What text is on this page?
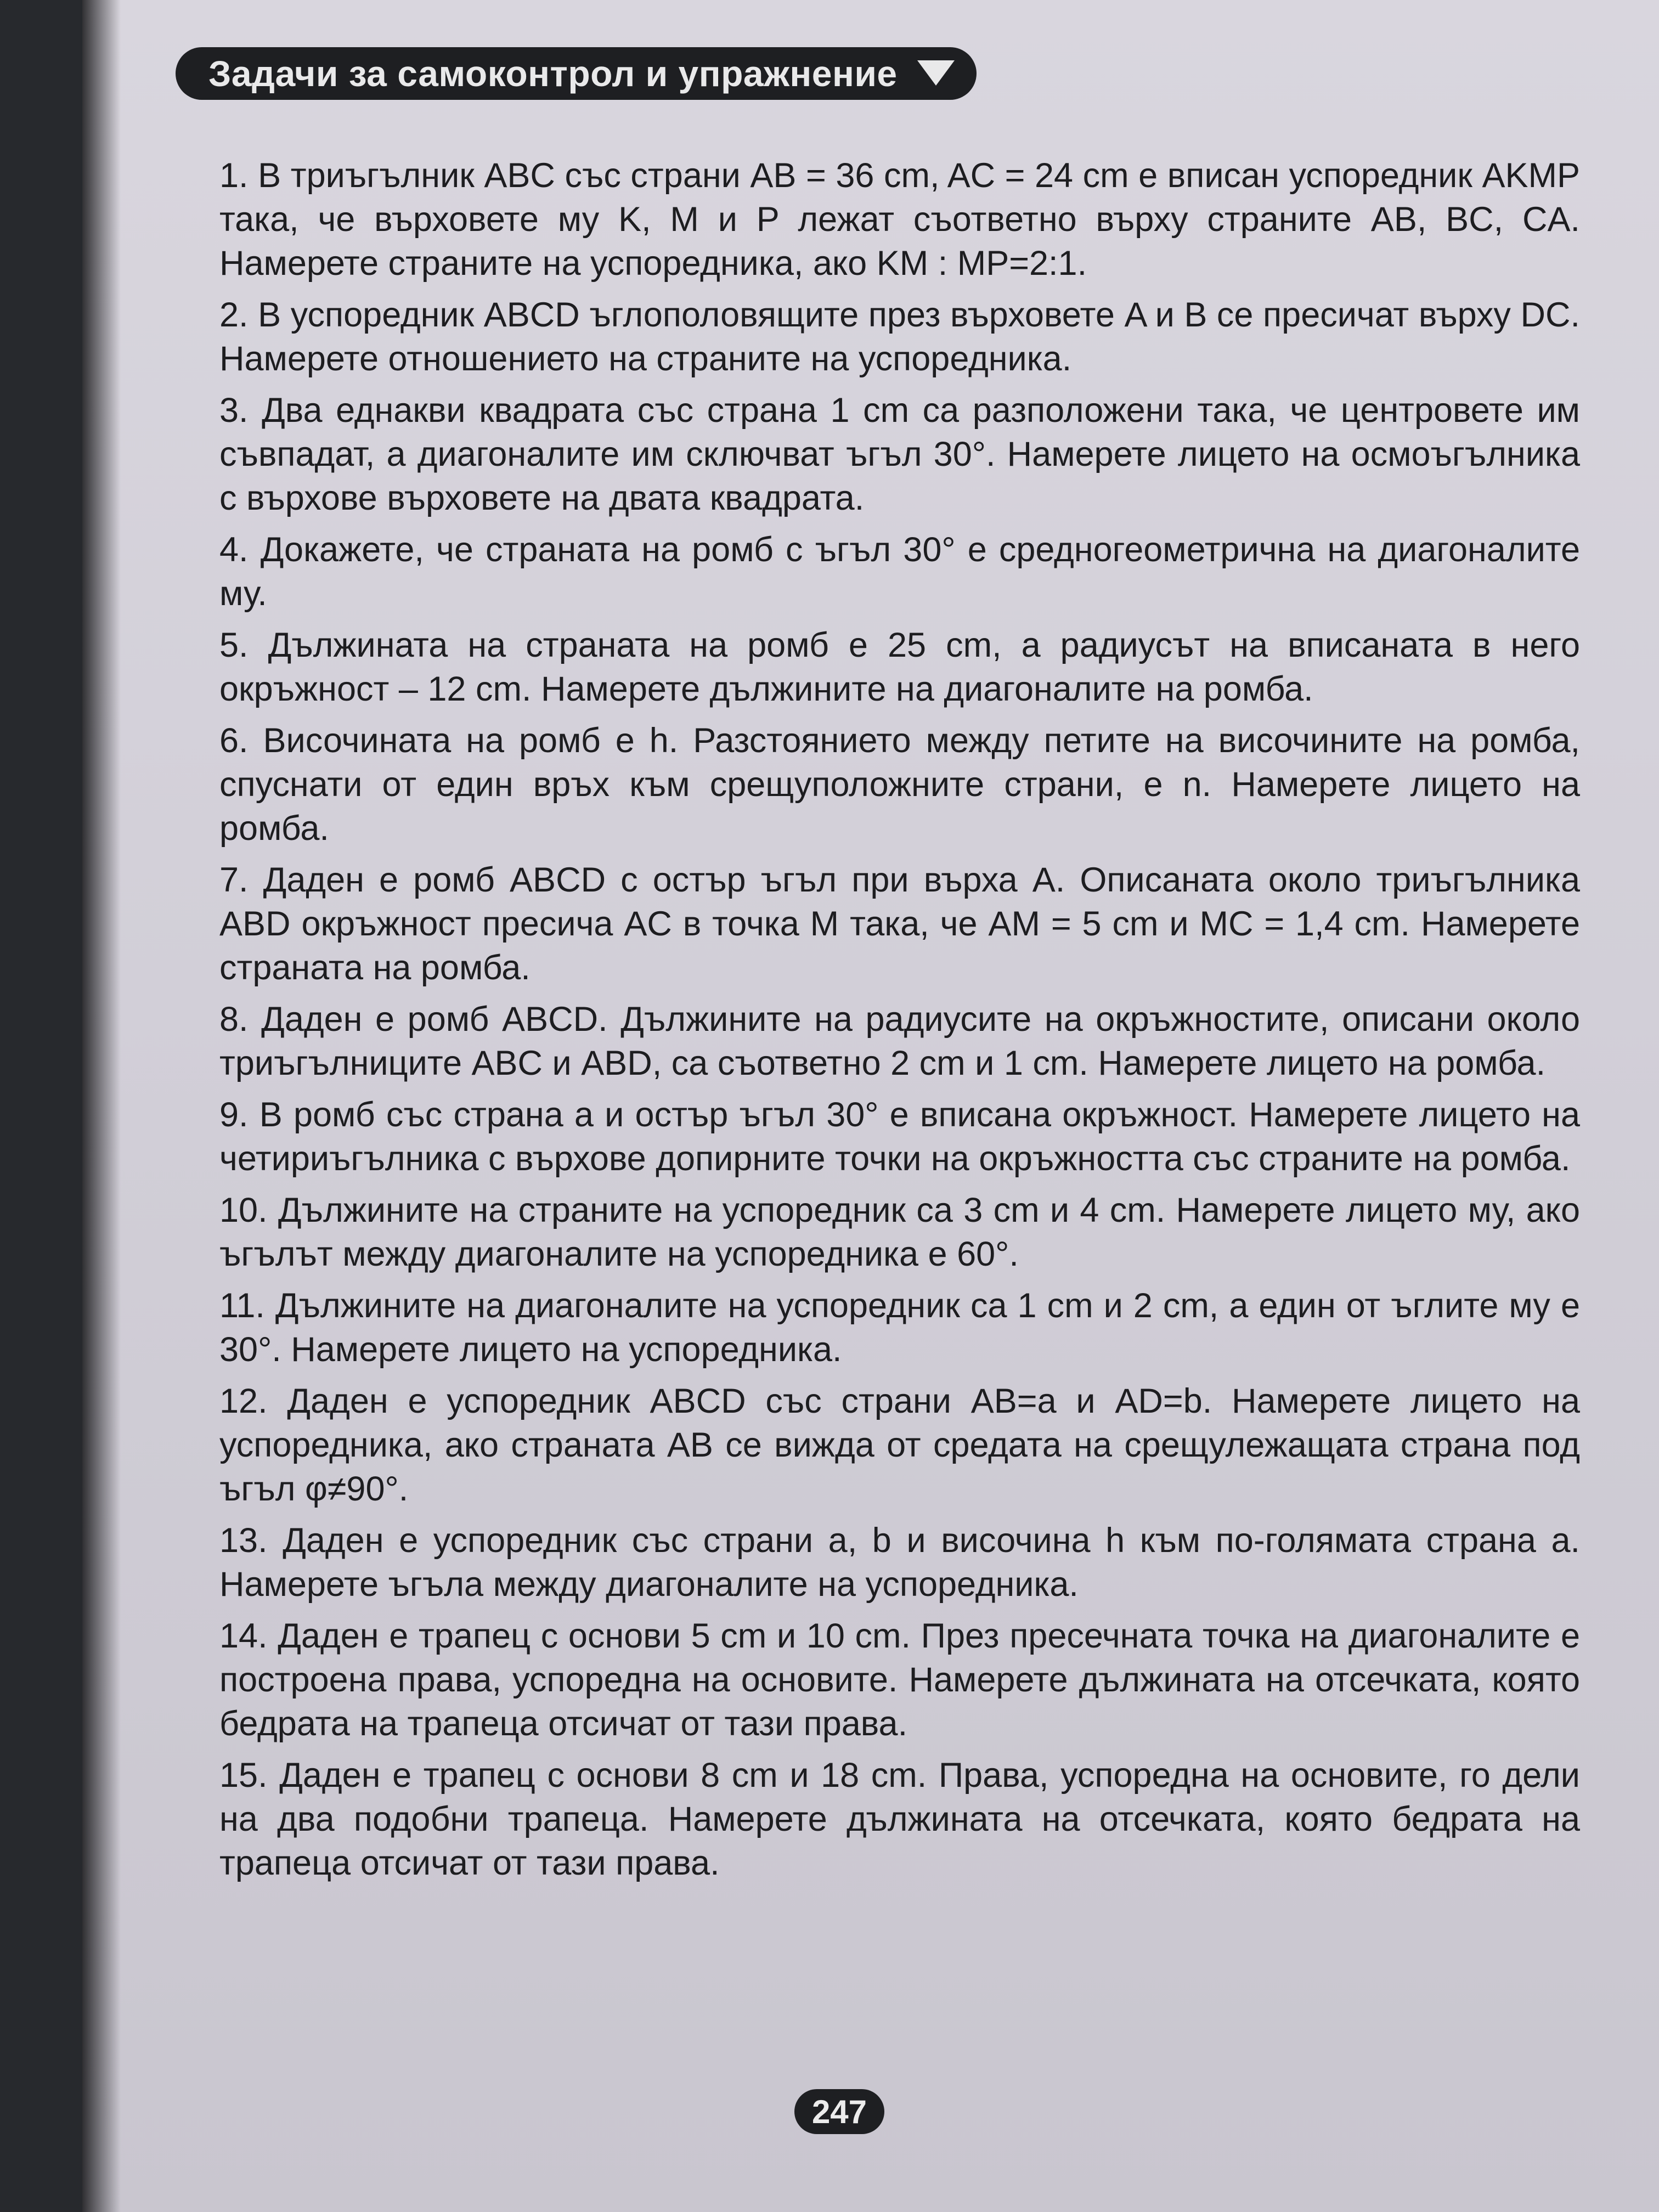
Задачи за самоконтрол и упражнение

1. В триъгълник ABC със страни AB = 36 cm, AC = 24 cm е вписан успоредник AKMP така, че върховете му K, M и P лежат съответно върху страните AB, BC, CA. Намерете страните на успоредника, ако KM : MP=2:1.

2. В успоредник ABCD ъглополовящите през върховете A и B се пресичат върху DC. Намерете отношението на страните на успоредника.

3. Два еднакви квадрата със страна 1 cm са разположени така, че центровете им съвпадат, а диагоналите им сключват ъгъл 30°. Намерете лицето на осмоъгълника с върхове върховете на двата квадрата.

4. Докажете, че страната на ромб с ъгъл 30° е средногеометрична на диагоналите му.

5. Дължината на страната на ромб е 25 cm, а радиусът на вписаната в него окръжност – 12 cm. Намерете дължините на диагоналите на ромба.

6. Височината на ромб е h. Разстоянието между петите на височините на ромба, спуснати от един връх към срещуположните страни, е n. Намерете лицето на ромба.

7. Даден е ромб ABCD с остър ъгъл при върха A. Описаната около триъгълника ABD окръжност пресича AC в точка M така, че AM = 5 cm и MC = 1,4 cm. Намерете страната на ромба.

8. Даден е ромб ABCD. Дължините на радиусите на окръжностите, описани около триъгълниците ABC и ABD, са съответно 2 cm и 1 cm. Намерете лицето на ромба.

9. В ромб със страна a и остър ъгъл 30° е вписана окръжност. Намерете лицето на четириъгълника с върхове допирните точки на окръжността със страните на ромба.

10. Дължините на страните на успоредник са 3 cm и 4 cm. Намерете лицето му, ако ъгълът между диагоналите на успоредника е 60°.

11. Дължините на диагоналите на успоредник са 1 cm и 2 cm, а един от ъглите му е 30°. Намерете лицето на успоредника.

12. Даден е успоредник ABCD със страни AB=a и AD=b. Намерете лицето на успоредника, ако страната AB се вижда от средата на срещулежащата страна под ъгъл φ≠90°.

13. Даден е успоредник със страни a, b и височина h към по-голямата страна a. Намерете ъгъла между диагоналите на успоредника.

14. Даден е трапец с основи 5 cm и 10 cm. През пресечната точка на диагоналите е построена права, успоредна на основите. Намерете дължината на отсечката, която бедрата на трапеца отсичат от тази права.

15. Даден е трапец с основи 8 cm и 18 cm. Права, успоредна на основите, го дели на два подобни трапеца. Намерете дължината на отсечката, която бедрата на трапеца отсичат от тази права.

247
